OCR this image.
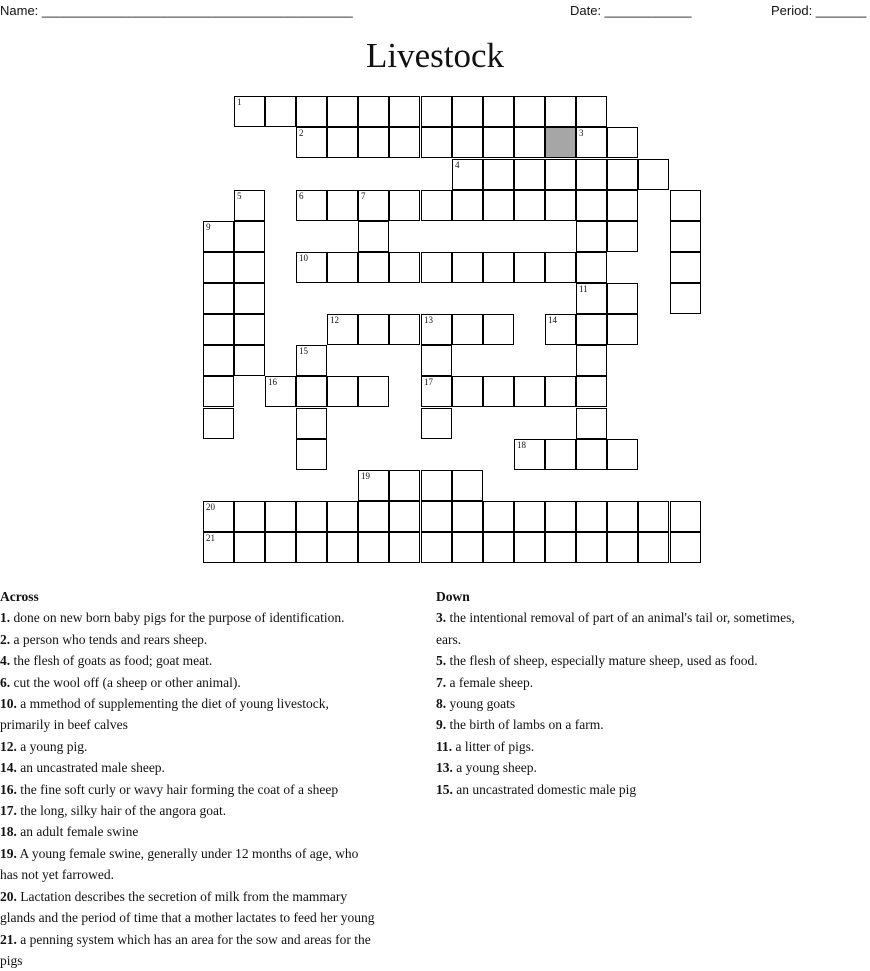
Name: ___________________________________________	Date: ____________	Period: _______
Livestock
1
2	3
4
5	6	7
9
10
11
12	13	14
15
16	17
18
19
20
21
Across
1. done on new born baby pigs for the purpose of identification.
2. a person who tends and rears sheep.
4. the flesh of goats as food; goat meat.
6. cut the wool off (a sheep or other animal).
10. a mmethod of supplementing the diet of young livestock,
primarily in beef calves
12. a young pig.
14. an uncastrated male sheep.
16. the fine soft curly or wavy hair forming the coat of a sheep
17. the long, silky hair of the angora goat.
18. an adult female swine
19. A young female swine, generally under 12 months of age, who
has not yet farrowed.
20. Lactation describes the secretion of milk from the mammary
glands and the period of time that a mother lactates to feed her young
21. a penning system which has an area for the sow and areas for the
pigs
Down
3. the intentional removal of part of an animal's tail or, sometimes,
ears.
5. the flesh of sheep, especially mature sheep, used as food.
7. a female sheep.
8. young goats
9. the birth of lambs on a farm.
11. a litter of pigs.
13. a young sheep.
15. an uncastrated domestic male pig
